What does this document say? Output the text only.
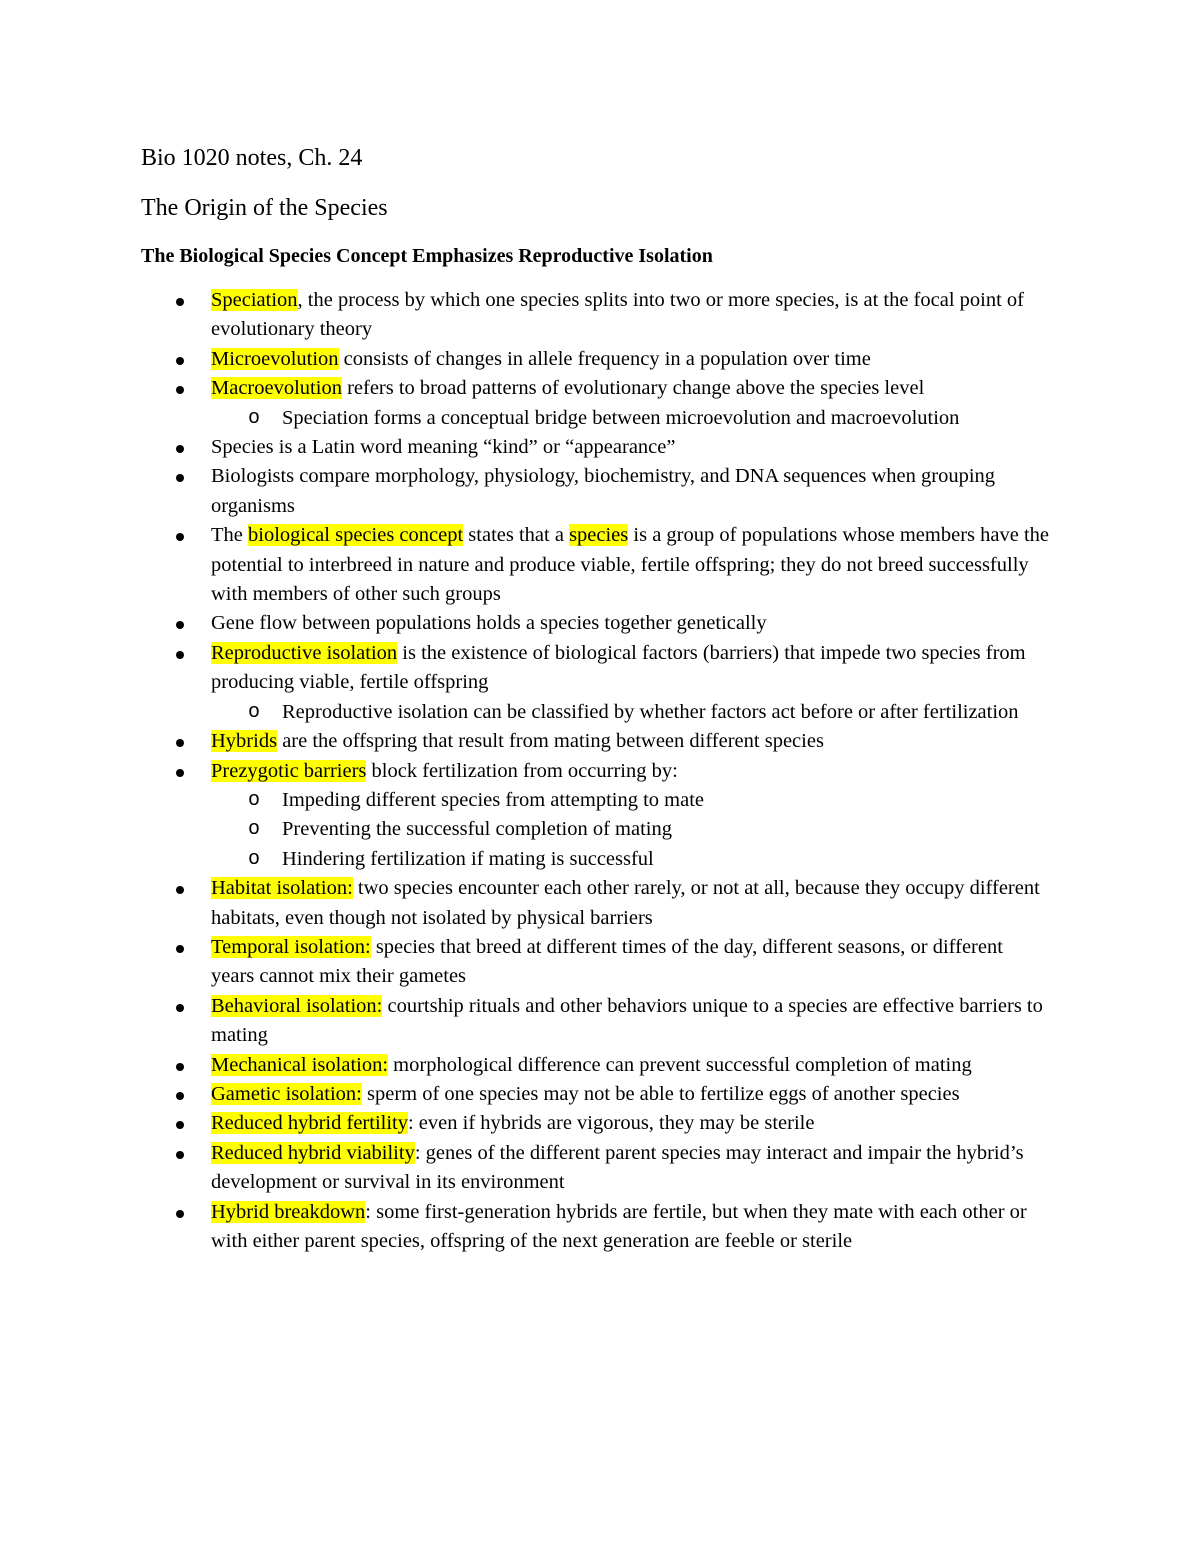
Bio 1020 notes, Ch. 24
The Origin of the Species
The Biological Species Concept Emphasizes Reproductive Isolation
Speciation, the process by which one species splits into two or more species, is at the focal point of evolutionary theory
Microevolution consists of changes in allele frequency in a population over time
Macroevolution refers to broad patterns of evolutionary change above the species level
o Speciation forms a conceptual bridge between microevolution and macroevolution
Species is a Latin word meaning “kind” or “appearance”
Biologists compare morphology, physiology, biochemistry, and DNA sequences when grouping organisms
The biological species concept states that a species is a group of populations whose members have the potential to interbreed in nature and produce viable, fertile offspring; they do not breed successfully with members of other such groups
Gene flow between populations holds a species together genetically
Reproductive isolation is the existence of biological factors (barriers) that impede two species from producing viable, fertile offspring
o Reproductive isolation can be classified by whether factors act before or after fertilization
Hybrids are the offspring that result from mating between different species
Prezygotic barriers block fertilization from occurring by:
o Impeding different species from attempting to mate
o Preventing the successful completion of mating
o Hindering fertilization if mating is successful
Habitat isolation: two species encounter each other rarely, or not at all, because they occupy different habitats, even though not isolated by physical barriers
Temporal isolation: species that breed at different times of the day, different seasons, or different years cannot mix their gametes
Behavioral isolation: courtship rituals and other behaviors unique to a species are effective barriers to mating
Mechanical isolation: morphological difference can prevent successful completion of mating
Gametic isolation: sperm of one species may not be able to fertilize eggs of another species
Reduced hybrid fertility: even if hybrids are vigorous, they may be sterile
Reduced hybrid viability: genes of the different parent species may interact and impair the hybrid’s development or survival in its environment
Hybrid breakdown: some first-generation hybrids are fertile, but when they mate with each other or with either parent species, offspring of the next generation are feeble or sterile
